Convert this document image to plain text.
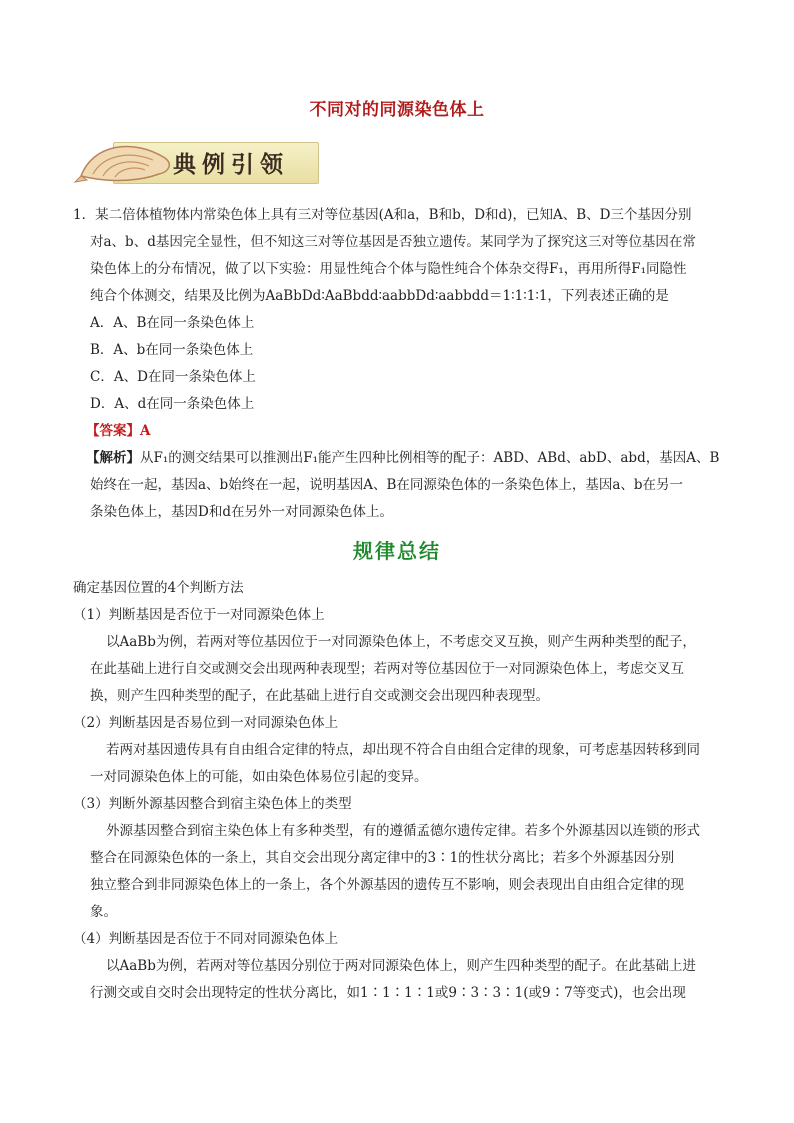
不同对的同源染色体上
典例引领
1．某二倍体植物体内常染色体上具有三对等位基因(A和a，B和b，D和d)，已知A、B、D三个基因分别
对a、b、d基因完全显性，但不知这三对等位基因是否独立遗传。某同学为了探究这三对等位基因在常
染色体上的分布情况，做了以下实验：用显性纯合个体与隐性纯合个体杂交得F₁，再用所得F₁同隐性
纯合个体测交，结果及比例为AaBbDd∶AaBbdd∶aabbDd∶aabbdd＝1∶1∶1∶1，下列表述正确的是
A．A、B在同一条染色体上
B．A、b在同一条染色体上
C．A、D在同一条染色体上
D．A、d在同一条染色体上
【答案】A
【解析】从F₁的测交结果可以推测出F₁能产生四种比例相等的配子：ABD、ABd、abD、abd，基因A、B
始终在一起，基因a、b始终在一起，说明基因A、B在同源染色体的一条染色体上，基因a、b在另一
条染色体上，基因D和d在另外一对同源染色体上。
规律总结
确定基因位置的4个判断方法
（1）判断基因是否位于一对同源染色体上
以AaBb为例，若两对等位基因位于一对同源染色体上，不考虑交叉互换，则产生两种类型的配子，
在此基础上进行自交或测交会出现两种表现型；若两对等位基因位于一对同源染色体上，考虑交叉互
换，则产生四种类型的配子，在此基础上进行自交或测交会出现四种表现型。
（2）判断基因是否易位到一对同源染色体上
若两对基因遗传具有自由组合定律的特点，却出现不符合自由组合定律的现象，可考虑基因转移到同
一对同源染色体上的可能，如由染色体易位引起的变异。
（3）判断外源基因整合到宿主染色体上的类型
外源基因整合到宿主染色体上有多种类型，有的遵循孟德尔遗传定律。若多个外源基因以连锁的形式
整合在同源染色体的一条上，其自交会出现分离定律中的3∶1的性状分离比；若多个外源基因分别
独立整合到非同源染色体上的一条上，各个外源基因的遗传互不影响，则会表现出自由组合定律的现
象。
（4）判断基因是否位于不同对同源染色体上
以AaBb为例，若两对等位基因分别位于两对同源染色体上，则产生四种类型的配子。在此基础上进
行测交或自交时会出现特定的性状分离比，如1∶1∶1∶1或9∶3∶3∶1(或9∶7等变式)，也会出现
